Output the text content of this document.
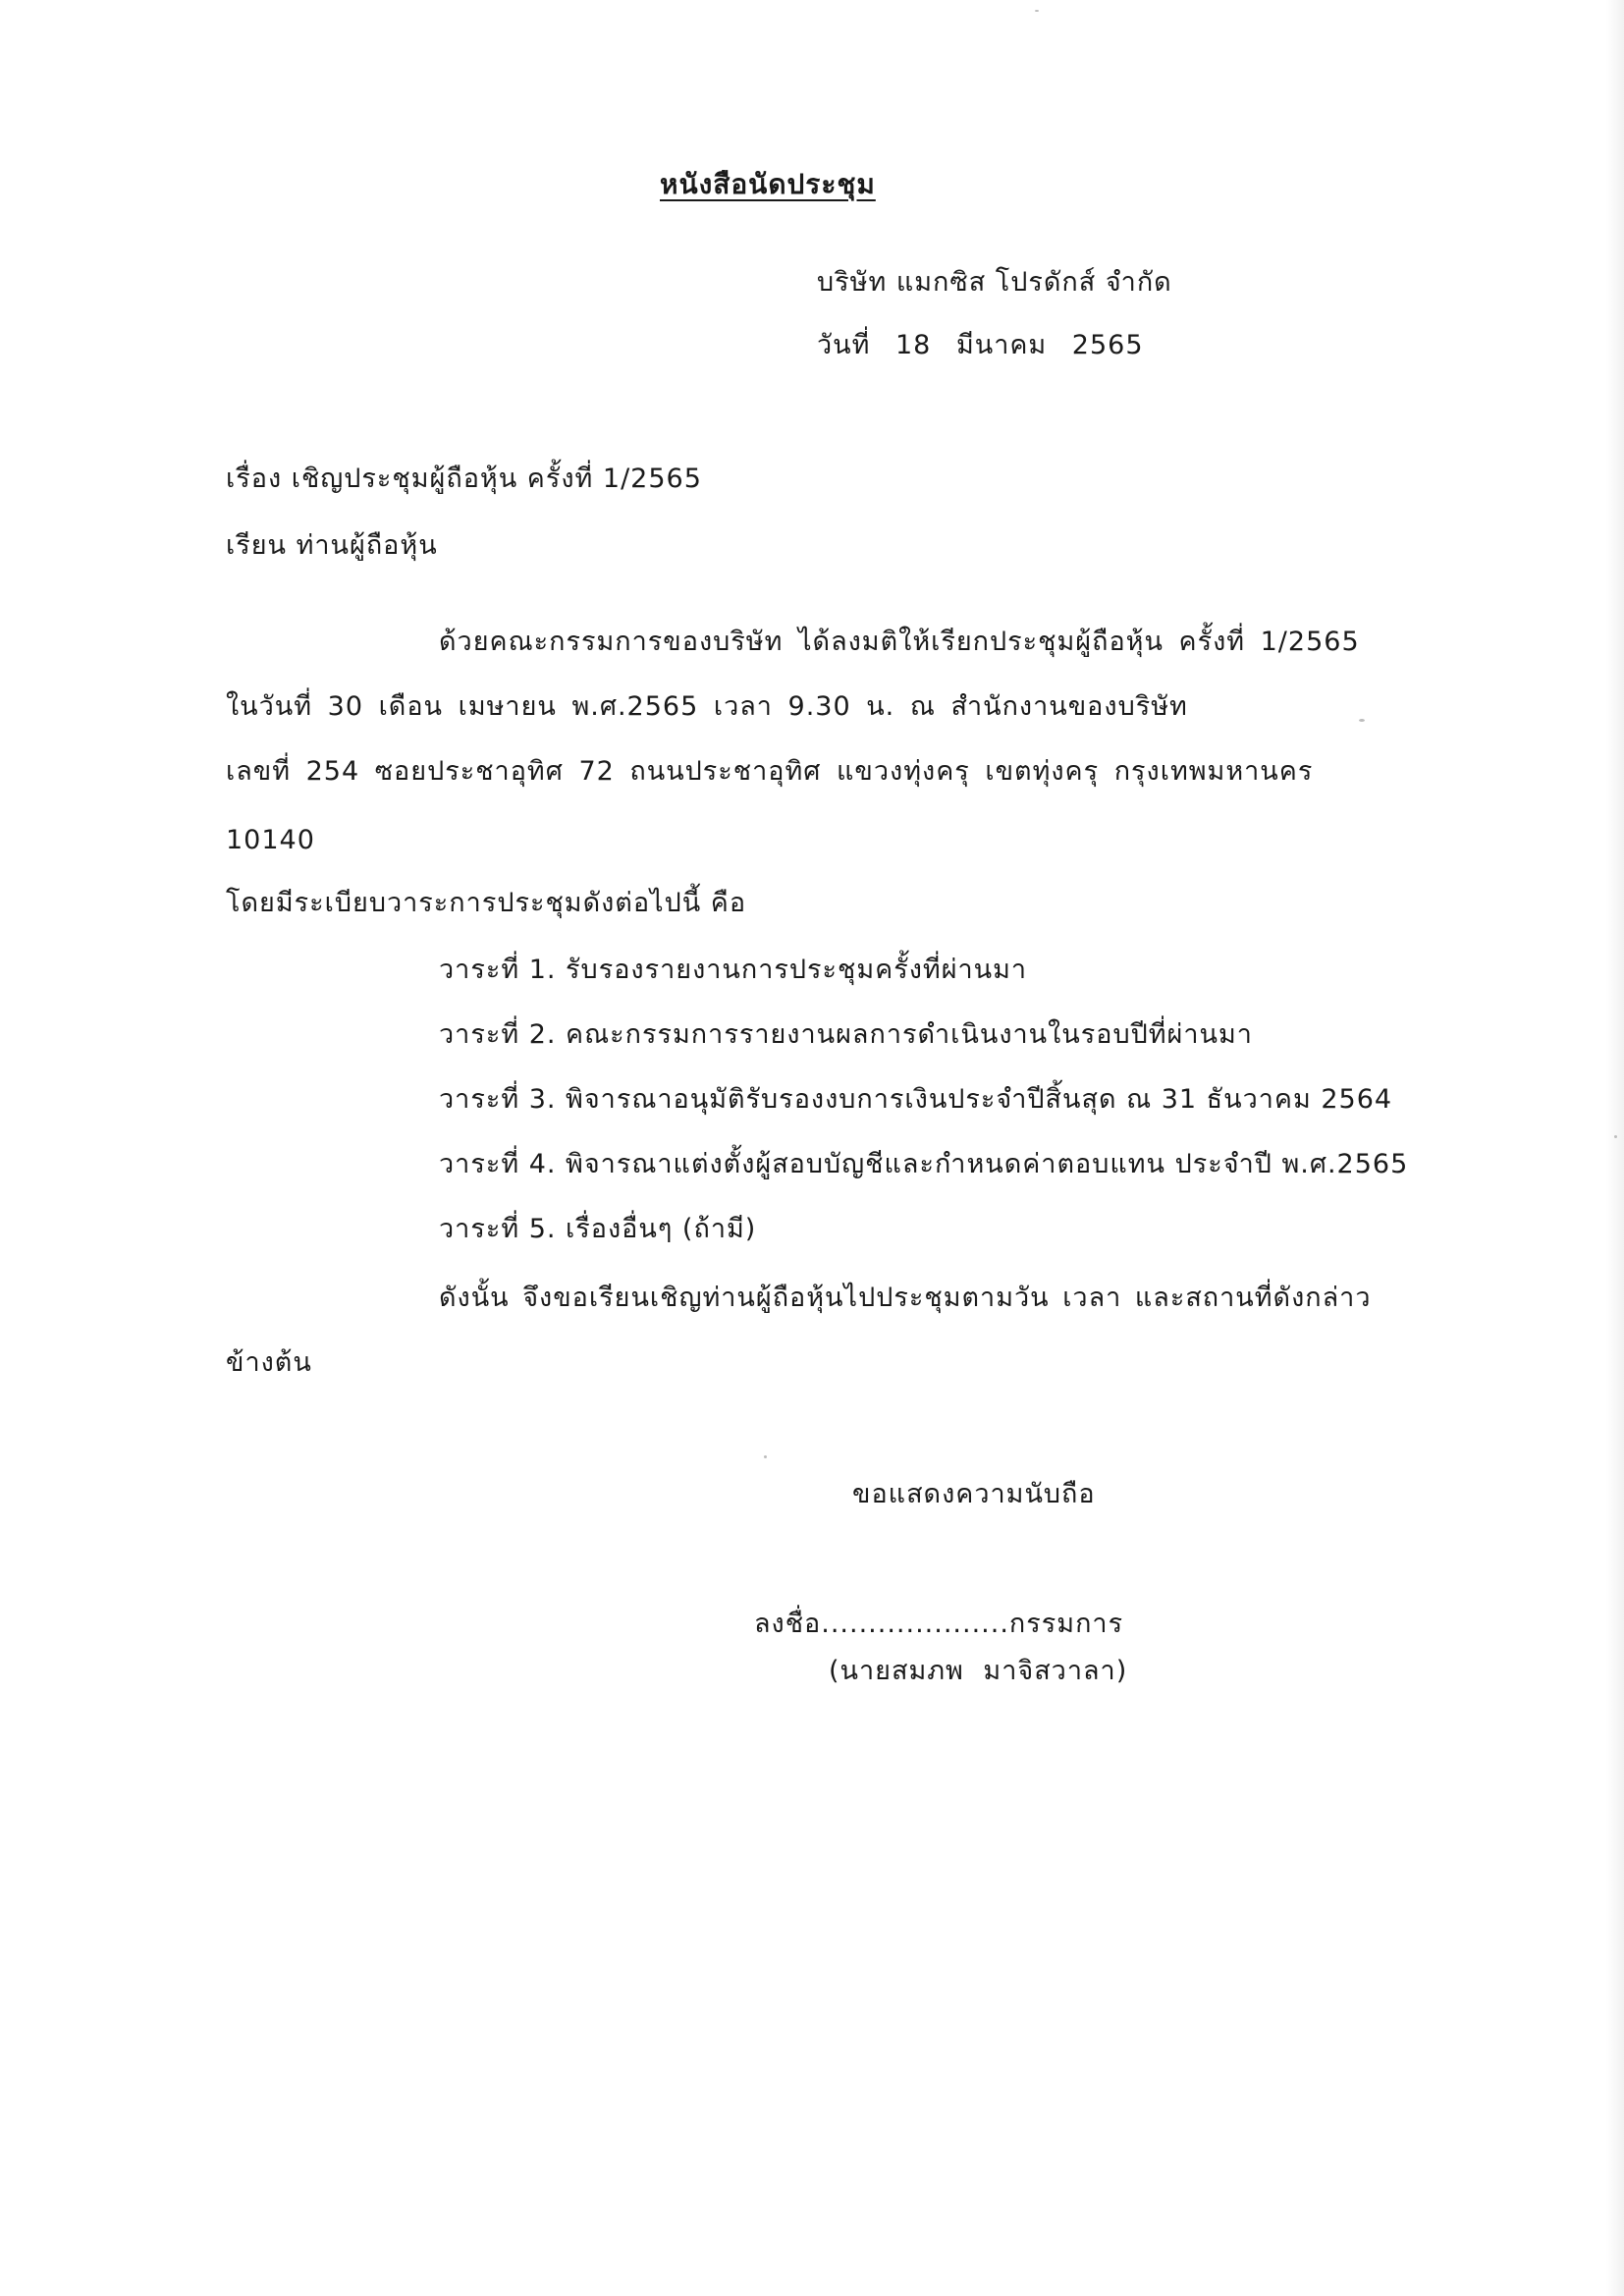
หนังสือนัดประชุม
บริษัท แมกซิส โปรดักส์ จำกัด
วันที่ 18 มีนาคม 2565
เรื่อง เชิญประชุมผู้ถือหุ้น ครั้งที่ 1/2565
เรียน ท่านผู้ถือหุ้น
ด้วยคณะกรรมการของบริษัท ได้ลงมติให้เรียกประชุมผู้ถือหุ้น ครั้งที่ 1/2565
ในวันที่ 30 เดือน เมษายน พ.ศ.2565 เวลา 9.30 น. ณ สำนักงานของบริษัท
เลขที่ 254 ซอยประชาอุทิศ 72 ถนนประชาอุทิศ แขวงทุ่งครุ เขตทุ่งครุ กรุงเทพมหานคร
10140
โดยมีระเบียบวาระการประชุมดังต่อไปนี้ คือ
วาระที่ 1. รับรองรายงานการประชุมครั้งที่ผ่านมา
วาระที่ 2. คณะกรรมการรายงานผลการดำเนินงานในรอบปีที่ผ่านมา
วาระที่ 3. พิจารณาอนุมัติรับรองงบการเงินประจำปีสิ้นสุด ณ 31 ธันวาคม 2564
วาระที่ 4. พิจารณาแต่งตั้งผู้สอบบัญชีและกำหนดค่าตอบแทน ประจำปี พ.ศ.2565
วาระที่ 5. เรื่องอื่นๆ (ถ้ามี)
ดังนั้น จึงขอเรียนเชิญท่านผู้ถือหุ้นไปประชุมตามวัน เวลา และสถานที่ดังกล่าว
ข้างต้น
ขอแสดงความนับถือ
ลงชื่อ....................กรรมการ
(นายสมภพ มาจิสวาลา)
